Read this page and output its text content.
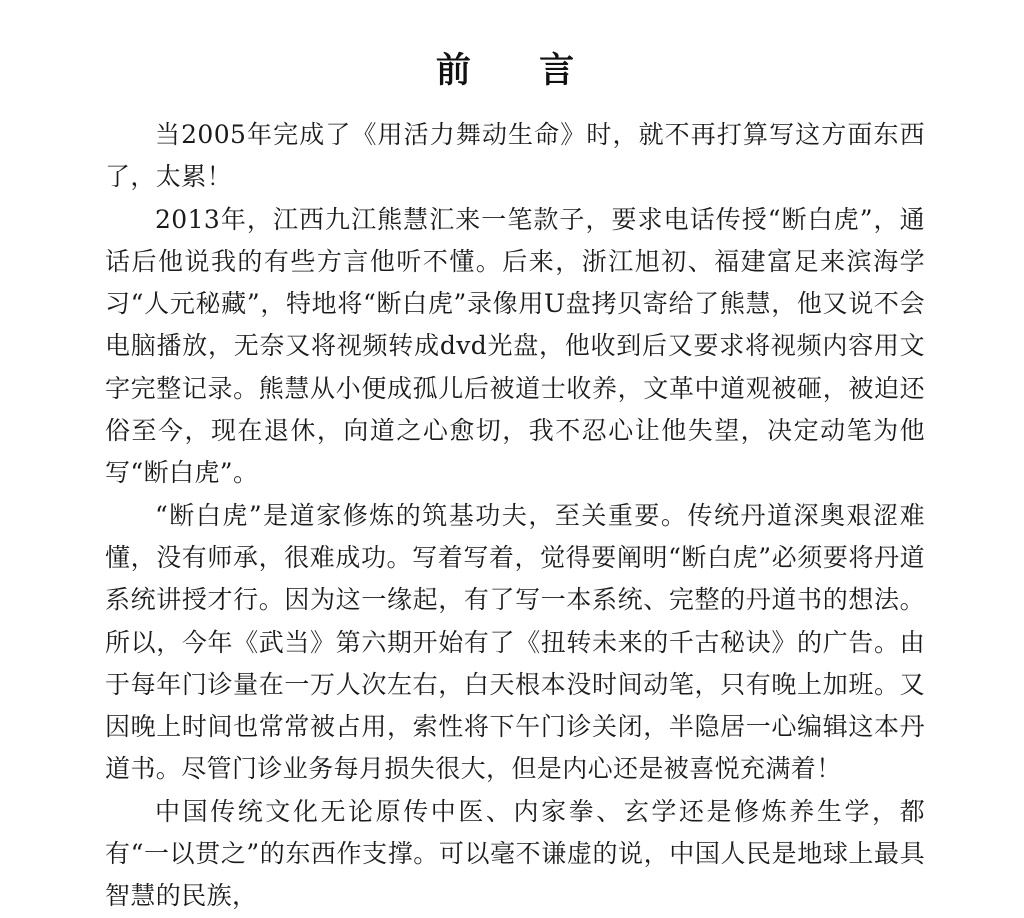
前 言

当2005年完成了《用活力舞动生命》时，就不再打算写这方面东西了，太累！

2013年，江西九江熊慧汇来一笔款子，要求电话传授“断白虎”，通话后他说我的有些方言他听不懂。后来，浙江旭初、福建富足来滨海学习“人元秘藏”，特地将“断白虎”录像用U盘拷贝寄给了熊慧，他又说不会电脑播放，无奈又将视频转成dvd光盘，他收到后又要求将视频内容用文字完整记录。熊慧从小便成孤儿后被道士收养，文革中道观被砸，被迫还俗至今，现在退休，向道之心愈切，我不忍心让他失望，决定动笔为他写“断白虎”。

“断白虎”是道家修炼的筑基功夫，至关重要。传统丹道深奥艰涩难懂，没有师承，很难成功。写着写着，觉得要阐明“断白虎”必须要将丹道系统讲授才行。因为这一缘起，有了写一本系统、完整的丹道书的想法。所以，今年《武当》第六期开始有了《扭转未来的千古秘诀》的广告。由于每年门诊量在一万人次左右，白天根本没时间动笔，只有晚上加班。又因晚上时间也常常被占用，索性将下午门诊关闭，半隐居一心编辑这本丹道书。尽管门诊业务每月损失很大，但是内心还是被喜悦充满着！

中国传统文化无论原传中医、内家拳、玄学还是修炼养生学，都有“一以贯之”的东西作支撑。可以毫不谦虚的说，中国人民是地球上最具智慧的民族，
